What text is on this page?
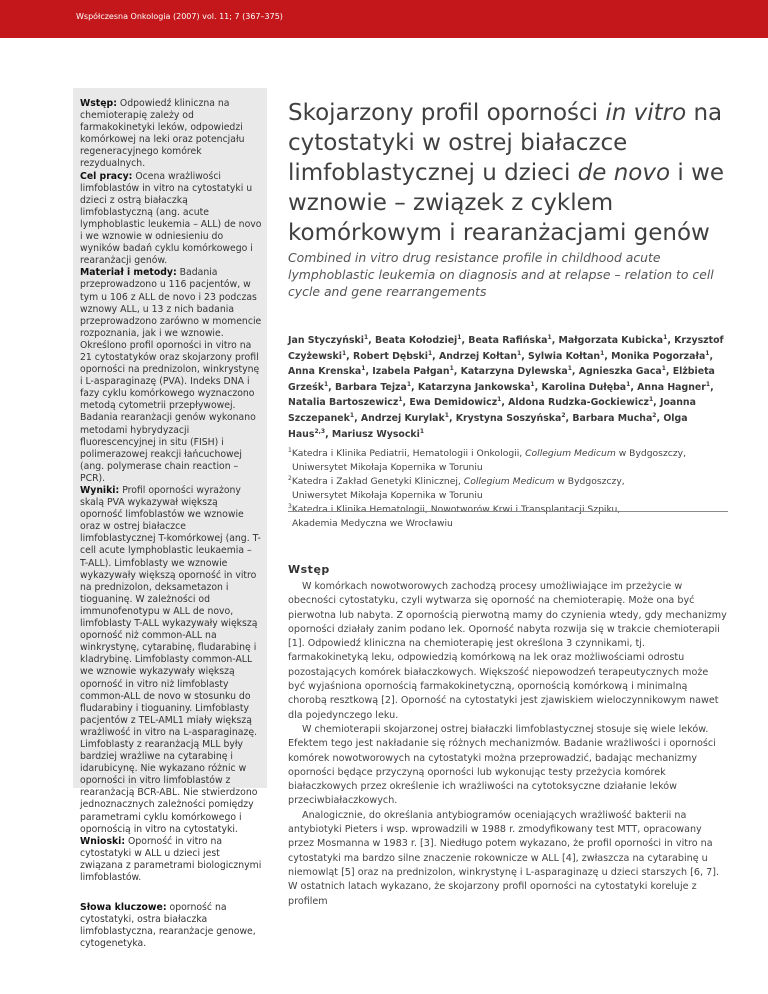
Współczesna Onkologia (2007) vol. 11; 7 (367–375)

Wstęp: Odpowiedź kliniczna na chemioterapię zależy od farmakokinetyki leków, odpowiedzi komórkowej na leki oraz potencjału regeneracyjnego komórek rezydualnych.

Cel pracy: Ocena wrażliwości limfoblastów in vitro na cytostatyki u dzieci z ostrą białaczką limfoblastyczną (ang. acute lymphoblastic leukemia – ALL) de novo i we wznowie w odniesieniu do wyników badań cyklu komórkowego i rearanżacji genów.

Materiał i metody: Badania przeprowadzono u 116 pacjentów, w tym u 106 z ALL de novo i 23 podczas wznowy ALL, u 13 z nich badania przeprowadzono zarówno w momencie rozpoznania, jak i we wznowie. Określono profil oporności in vitro na 21 cytostatyków oraz skojarzony profil oporności na prednizolon, winkrystynę i L-asparaginazę (PVA). Indeks DNA i fazy cyklu komórkowego wyznaczono metodą cytometrii przepływowej. Badania rearanżacji genów wykonano metodami hybrydyzacji fluorescencyjnej in situ (FISH) i polimerazowej reakcji łańcuchowej (ang. polymerase chain reaction – PCR).

Wyniki: Profil oporności wyrażony skalą PVA wykazywał większą oporność limfoblastów we wznowie oraz w ostrej białaczce limfoblastycznej T-komórkowej (ang. T-cell acute lymphoblastic leukaemia – T-ALL). Limfoblasty we wznowie wykazywały większą oporność in vitro na prednizolon, deksametazon i tioguaninę. W zależności od immunofenotypu w ALL de novo, limfoblasty T-ALL wykazywały większą oporność niż common-ALL na winkrystynę, cytarabinę, fludarabinę i kladrybinę. Limfoblasty common-ALL we wznowie wykazywały większą oporność in vitro niż limfoblasty common-ALL de novo w stosunku do fludarabiny i tioguaniny. Limfoblasty pacjentów z TEL-AML1 miały większą wrażliwość in vitro na L-asparaginazę. Limfoblasty z rearanżacją MLL były bardziej wrażliwe na cytarabinę i idarubicynę. Nie wykazano różnic w oporności in vitro limfoblastów z rearanżacją BCR-ABL. Nie stwierdzono jednoznacznych zależności pomiędzy parametrami cyklu komórkowego i opornością in vitro na cytostatyki.

Wnioski: Oporność in vitro na cytostatyki w ALL u dzieci jest związana z parametrami biologicznymi limfoblastów.

Słowa kluczowe: oporność na cytostatyki, ostra białaczka limfoblastyczna, rearanżacje genowe, cytogenetyka.

Skojarzony profil oporności in vitro na cytostatyki w ostrej białaczce limfoblastycznej u dzieci de novo i we wznowie – związek z cyklem komórkowym i rearanżacjami genów

Combined in vitro drug resistance profile in childhood acute lymphoblastic leukemia on diagnosis and at relapse – relation to cell cycle and gene rearrangements

Jan Styczyński$^1$, Beata Kołodziej$^1$, Beata Rafińska$^1$, Małgorzata Kubicka$^1$, Krzysztof Czyżewski$^1$, Robert Dębski$^1$, Andrzej Kołtan$^1$, Sylwia Kołtan$^1$, Monika Pogorzała$^1$, Anna Krenska$^1$, Izabela Pałgan$^1$, Katarzyna Dylewska$^1$, Agnieszka Gaca$^1$, Elżbieta Grześk$^1$, Barbara Tejza$^1$, Katarzyna Jankowska$^1$, Karolina Dułęba$^1$, Anna Hagner$^1$, Natalia Bartoszewicz$^1$, Ewa Demidowicz$^1$, Aldona Rudzka-Gockiewicz$^1$, Joanna Szczepanek$^1$, Andrzej Kurylak$^1$, Krystyna Soszyńska$^2$, Barbara Mucha$^2$, Olga Haus$^{2,3}$, Mariusz Wysocki$^1$

$^1$Katedra i Klinika Pediatrii, Hematologii i Onkologii, Collegium Medicum w Bydgoszczy,
Uniwersytet Mikołaja Kopernika w Toruniu
$^2$Katedra i Zakład Genetyki Klinicznej, Collegium Medicum w Bydgoszczy,
Uniwersytet Mikołaja Kopernika w Toruniu
$^3$Katedra i Klinika Hematologii, Nowotworów Krwi i Transplantacji Szpiku,
Akademia Medyczna we Wrocławiu
Wstęp

W komórkach nowotworowych zachodzą procesy umożliwiające im przeżycie w obecności cytostatyku, czyli wytwarza się oporność na chemioterapię. Może ona być pierwotna lub nabyta. Z opornością pierwotną mamy do czynienia wtedy, gdy mechanizmy oporności działały zanim podano lek. Oporność nabyta rozwija się w trakcie chemioterapii [1]. Odpowiedź kliniczna na chemioterapię jest określona 3 czynnikami, tj. farmakokinetyką leku, odpowiedzią komórkową na lek oraz możliwościami odrostu pozostających komórek białaczkowych. Większość niepowodzeń terapeutycznych może być wyjaśniona opornością farmakokinetyczną, opornością komórkową i minimalną chorobą resztkową [2]. Oporność na cytostatyki jest zjawiskiem wieloczynnikowym nawet dla pojedynczego leku.

W chemioterapii skojarzonej ostrej białaczki limfoblastycznej stosuje się wiele leków. Efektem tego jest nakładanie się różnych mechanizmów. Badanie wrażliwości i oporności komórek nowotworowych na cytostatyki można przeprowadzić, badając mechanizmy oporności będące przyczyną oporności lub wykonując testy przeżycia komórek białaczkowych przez określenie ich wrażliwości na cytotoksyczne działanie leków przeciwbiałaczkowych.

Analogicznie, do określania antybiogramów oceniających wrażliwość bakterii na antybiotyki Pieters i wsp. wprowadzili w 1988 r. zmodyfikowany test MTT, opracowany przez Mosmanna w 1983 r. [3]. Niedługo potem wykazano, że profil oporności in vitro na cytostatyki ma bardzo silne znaczenie rokownicze w ALL [4], zwłaszcza na cytarabinę u niemowląt [5] oraz na prednizolon, winkrystynę i L-asparaginazę u dzieci starszych [6, 7]. W ostatnich latach wykazano, że skojarzony profil oporności na cytostatyki koreluje z profilem
